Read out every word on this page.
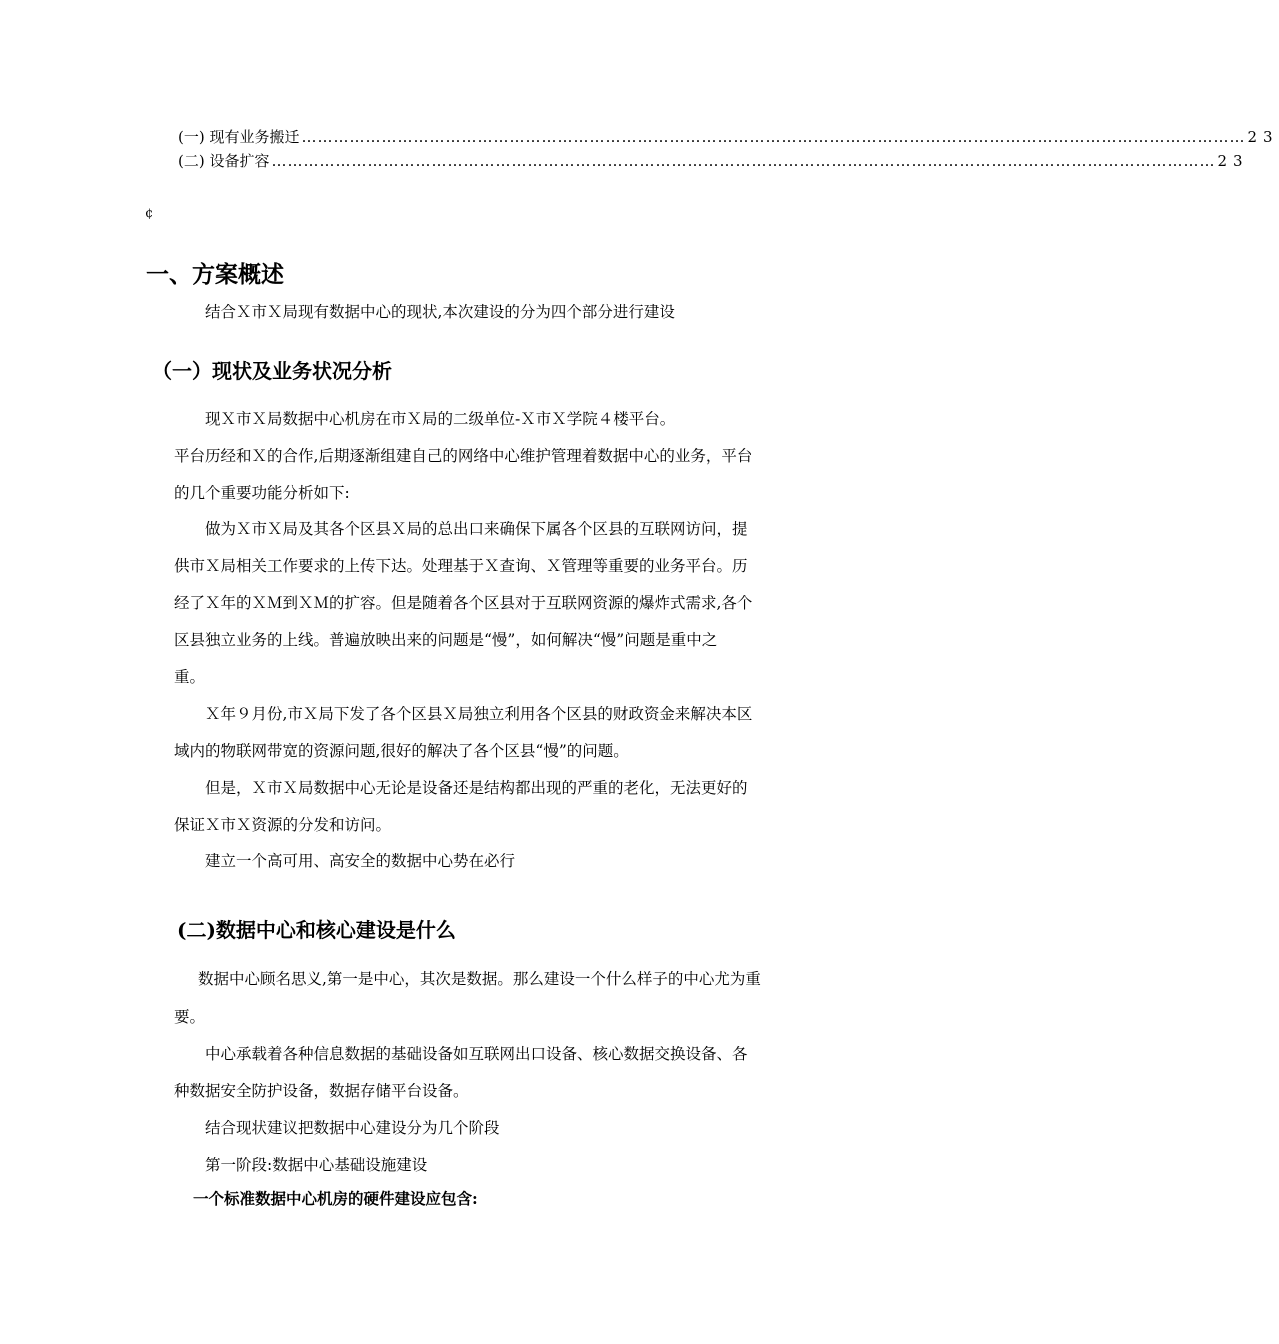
(一) 现有业务搬迁 …………………………………………………………………………………………………………………………………………………………… 23
(二) 设备扩容 …………………………………………………………………………………………………………………………………………………………… 23
¢
一、方案概述
结合Ｘ市Ｘ局现有数据中心的现状,本次建设的分为四个部分进行建设
（一）现状及业务状况分析
现Ｘ市Ｘ局数据中心机房在市Ｘ局的二级单位-Ｘ市Ｘ学院４楼平台。
平台历经和Ｘ的合作,后期逐渐组建自己的网络中心维护管理着数据中心的业务，平台
的几个重要功能分析如下:
做为Ｘ市Ｘ局及其各个区县Ｘ局的总出口来确保下属各个区县的互联网访问，提
供市Ｘ局相关工作要求的上传下达。处理基于Ｘ查询、Ｘ管理等重要的业务平台。历
经了Ｘ年的ＸＭ到ＸＭ的扩容。但是随着各个区县对于互联网资源的爆炸式需求,各个
区县独立业务的上线。普遍放映出来的问题是“慢”，如何解决“慢”问题是重中之
重。
Ｘ年９月份,市Ｘ局下发了各个区县Ｘ局独立利用各个区县的财政资金来解决本区
域内的物联网带宽的资源问题,很好的解决了各个区县“慢”的问题。
但是，Ｘ市Ｘ局数据中心无论是设备还是结构都出现的严重的老化，无法更好的
保证Ｘ市Ｘ资源的分发和访问。
建立一个高可用、高安全的数据中心势在必行
(二)数据中心和核心建设是什么
数据中心顾名思义,第一是中心，其次是数据。那么建设一个什么样子的中心尤为重
要。
中心承载着各种信息数据的基础设备如互联网出口设备、核心数据交换设备、各
种数据安全防护设备，数据存储平台设备。
结合现状建议把数据中心建设分为几个阶段
第一阶段:数据中心基础设施建设
一个标准数据中心机房的硬件建设应包含:
